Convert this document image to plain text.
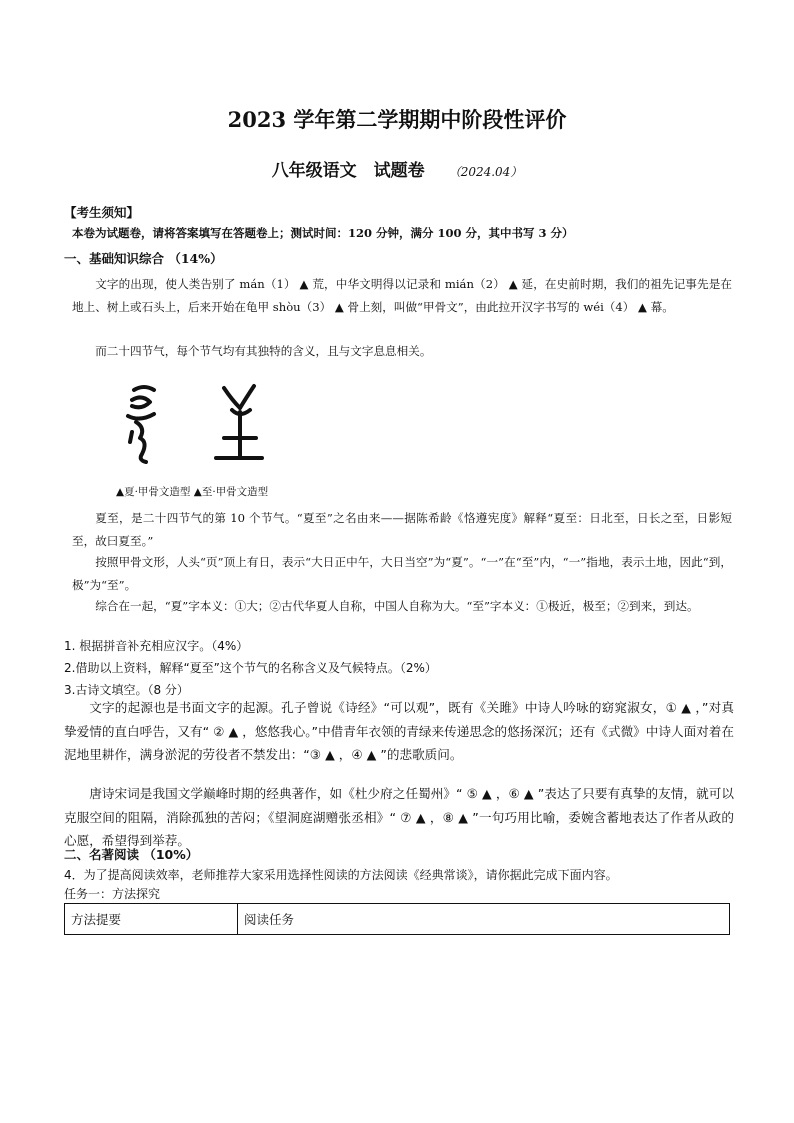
2023 学年第二学期期中阶段性评价
八年级语文　试题卷 （2024.04）
【考生须知】
本卷为试题卷，请将答案填写在答题卷上；测试时间：120 分钟，满分 100 分，其中书写 3 分）
一、基础知识综合 （14%）
文字的出现，使人类告别了 mán（1） ▲ 荒，中华文明得以记录和 mián（2） ▲ 延，在史前时期，我们的祖先记事先是在地上、树上或石头上，后来开始在龟甲 shòu（3） ▲ 骨上刻，叫做“甲骨文”，由此拉开汉字书写的 wéi（4） ▲ 幕。
而二十四节气，每个节气均有其独特的含义，且与文字息息相关。
▲夏·甲骨文造型 ▲至·甲骨文造型
夏至，是二十四节气的第 10 个节气。“夏至”之名由来——据陈希龄《恪遵宪度》解释“夏至：日北至，日长之至，日影短至，故曰夏至。”
按照甲骨文形，人头“页”顶上有日，表示“大日正中午，大日当空”为“夏”。“一”在“至”内，“一”指地，表示土地，因此“到，极”为“至”。
综合在一起，“夏”字本义：①大；②古代华夏人自称，中国人自称为大。“至”字本义：①极近，极至；②到来，到达。
1. 根据拼音补充相应汉字。（4%）
2.借助以上资料，解释“夏至”这个节气的名称含义及气候特点。（2%）
3.古诗文填空。（8 分）
文字的起源也是书面文字的起源。孔子曾说《诗经》“可以观”，既有《关雎》中诗人吟咏的窈窕淑女，① ▲ ，”对真挚爱情的直白呼告，又有“ ② ▲ ，悠悠我心。”中借青年衣领的青绿来传递思念的悠扬深沉；还有《式微》中诗人面对着在泥地里耕作，满身淤泥的劳役者不禁发出：“③ ▲ ，④ ▲ ”的悲歌质问。
唐诗宋词是我国文学巅峰时期的经典著作，如《杜少府之任蜀州》“ ⑤ ▲ ，⑥ ▲ ”表达了只要有真挚的友情，就可以克服空间的阻隔，消除孤独的苦闷；《望洞庭湖赠张丞相》“ ⑦ ▲ ，⑧ ▲ ”一句巧用比喻，委婉含蓄地表达了作者从政的心愿，希望得到举荐。
二、名著阅读 （10%）
4．为了提高阅读效率，老师推荐大家采用选择性阅读的方法阅读《经典常谈》，请你据此完成下面内容。
任务一：方法探究
方法提要	阅读任务
